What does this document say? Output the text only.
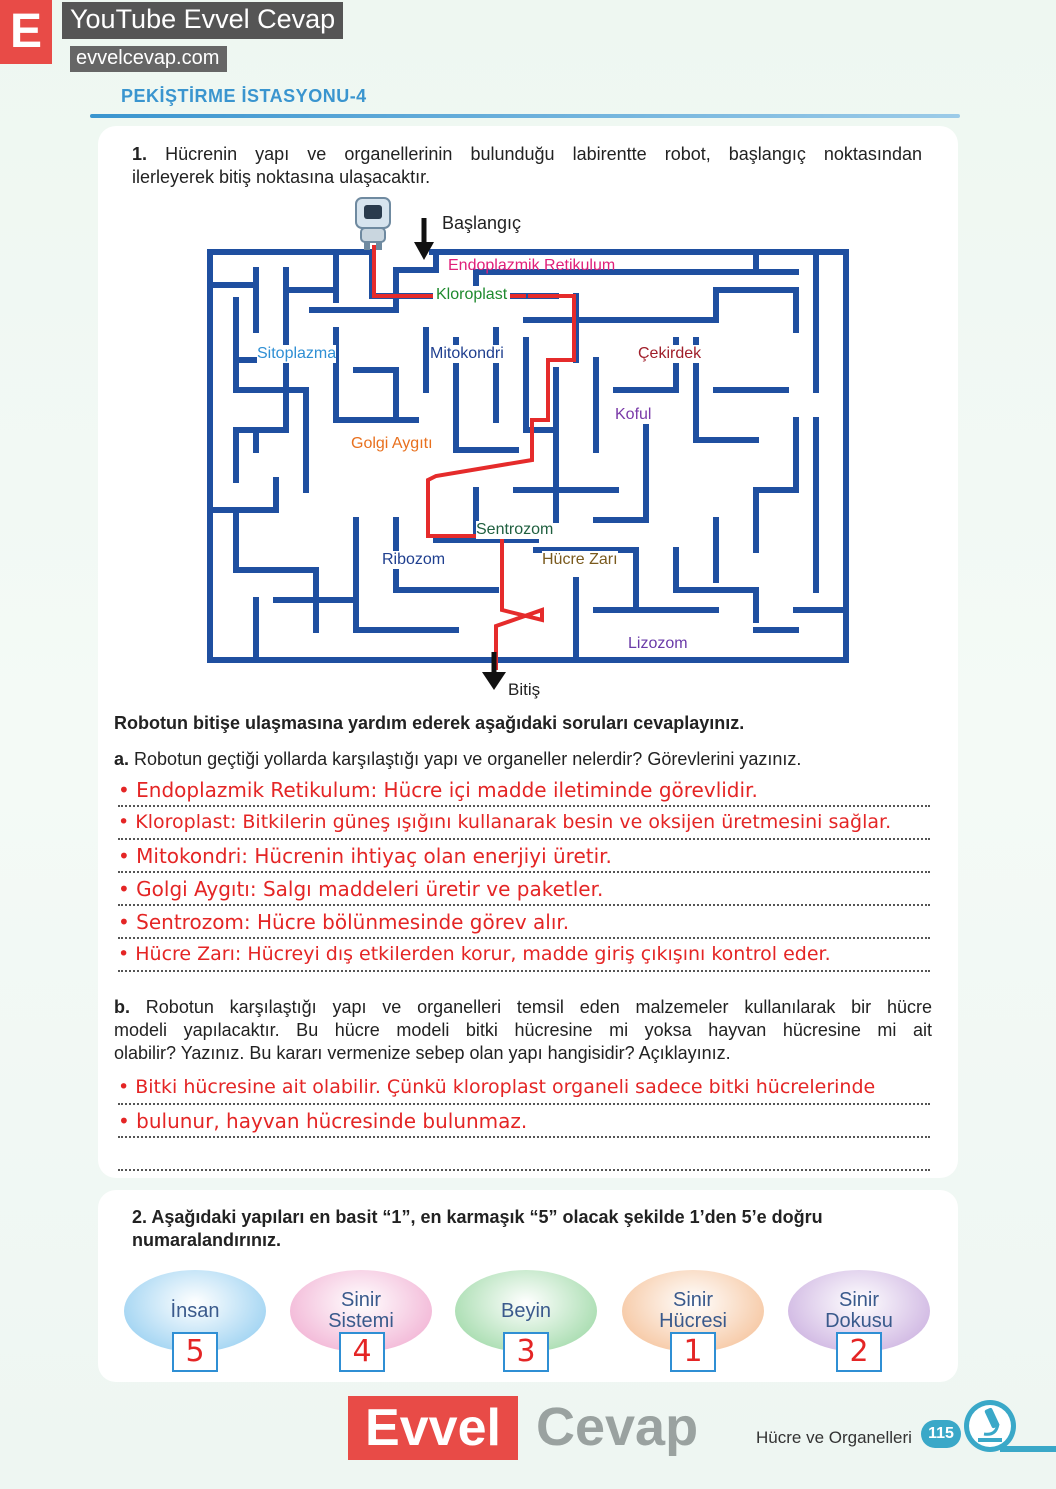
E	YouTube Evvel Cevap
evvelcevap.com
PEKİŞTİRME İSTASYONU-4
1. Hücrenin yapı ve organellerinin bulunduğu labirentte robot, başlangıç noktasından
ilerleyerek bitiş noktasına ulaşacaktır.
Başlangıç
Bitiş
Endoplazmik Retikulum
Kloroplast
Sitoplazma	Mitokondri	Çekirdek
Koful
Golgi Aygıtı
Sentrozom
Ribozom	Hücre Zarı
Lizozom
Robotun bitişe ulaşmasına yardım ederek aşağıdaki soruları cevaplayınız.
a. Robotun geçtiği yollarda karşılaştığı yapı ve organeller nelerdir? Görevlerini yazınız.
• Endoplazmik Retikulum: Hücre içi madde iletiminde görevlidir.
• Kloroplast: Bitkilerin güneş ışığını kullanarak besin ve oksijen üretmesini sağlar.
• Mitokondri: Hücrenin ihtiyaç olan enerjiyi üretir.
• Golgi Aygıtı: Salgı maddeleri üretir ve paketler.
• Sentrozom: Hücre bölünmesinde görev alır.
• Hücre Zarı: Hücreyi dış etkilerden korur, madde giriş çıkışını kontrol eder.
b. Robotun karşılaştığı yapı ve organelleri temsil eden malzemeler kullanılarak bir hücre
modeli yapılacaktır. Bu hücre modeli bitki hücresine mi yoksa hayvan hücresine mi ait
olabilir? Yazınız. Bu kararı vermenize sebep olan yapı hangisidir? Açıklayınız.
• Bitki hücresine ait olabilir. Çünkü kloroplast organeli sadece bitki hücrelerinde
• bulunur, hayvan hücresinde bulunmaz.
2. Aşağıdaki yapıları en basit “1”, en karmaşık “5” olacak şekilde 1’den 5’e doğru
numaralandırınız.
İnsan	Sinir
Sistemi	Beyin	Sinir
Hücresi
Sinir
Dokusu
5	4	3	1	2
Evvel Cevap	Hücre ve Organelleri	115
